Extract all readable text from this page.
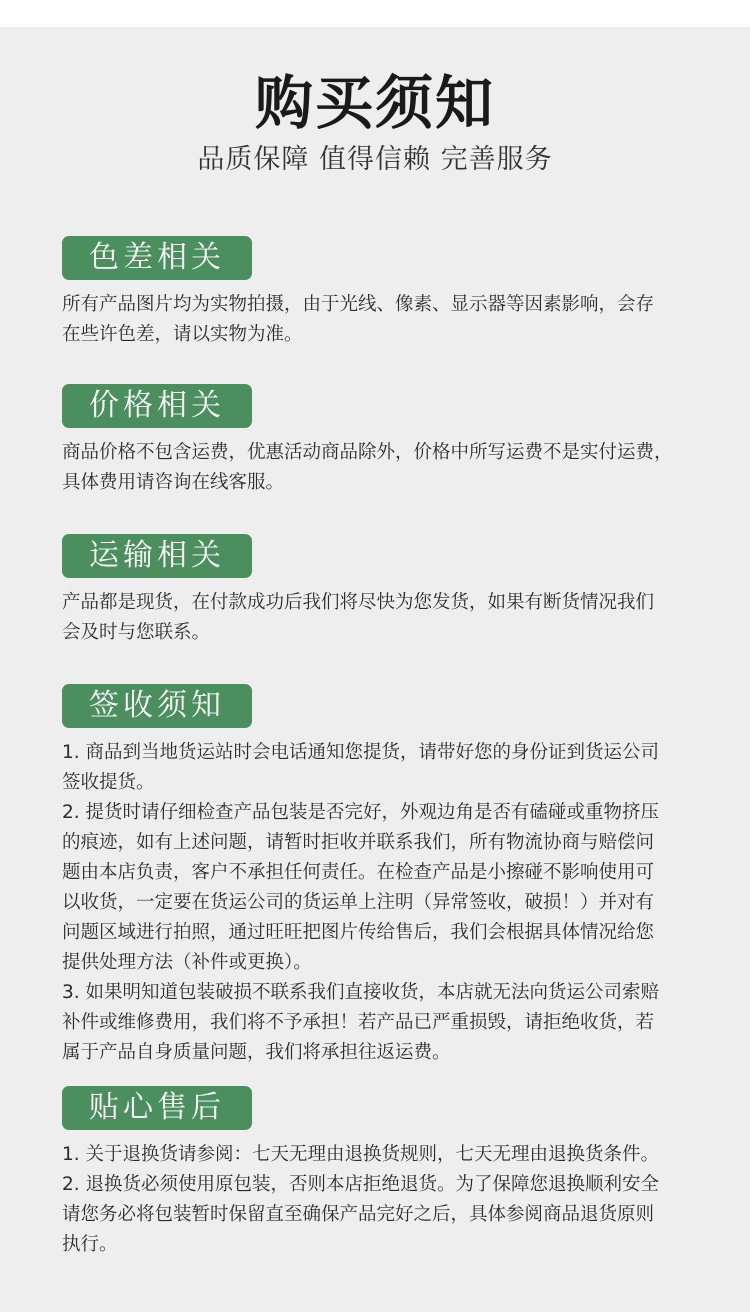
购买须知
品质保障 值得信赖 完善服务
色差相关

所有产品图片均为实物拍摄，由于光线、像素、显示器等因素影响，会存

在些许色差，请以实物为准。

价格相关

商品价格不包含运费，优惠活动商品除外，价格中所写运费不是实付运费，

具体费用请咨询在线客服。

运输相关

产品都是现货，在付款成功后我们将尽快为您发货，如果有断货情况我们

会及时与您联系。

签收须知

1. 商品到当地货运站时会电话通知您提货，请带好您的身份证到货运公司

签收提货。

2. 提货时请仔细检查产品包装是否完好，外观边角是否有磕碰或重物挤压

的痕迹，如有上述问题，请暂时拒收并联系我们，所有物流协商与赔偿问

题由本店负责，客户不承担任何责任。在检查产品是小擦碰不影响使用可

以收货，一定要在货运公司的货运单上注明（异常签收，破损！）并对有

问题区域进行拍照，通过旺旺把图片传给售后，我们会根据具体情况给您

提供处理方法（补件或更换）。

3. 如果明知道包装破损不联系我们直接收货，本店就无法向货运公司索赔

补件或维修费用，我们将不予承担！若产品已严重损毁，请拒绝收货，若

属于产品自身质量问题，我们将承担往返运费。

贴心售后

1. 关于退换货请参阅：七天无理由退换货规则，七天无理由退换货条件。

2. 退换货必须使用原包装，否则本店拒绝退货。为了保障您退换顺利安全

请您务必将包装暂时保留直至确保产品完好之后，具体参阅商品退货原则

执行。
